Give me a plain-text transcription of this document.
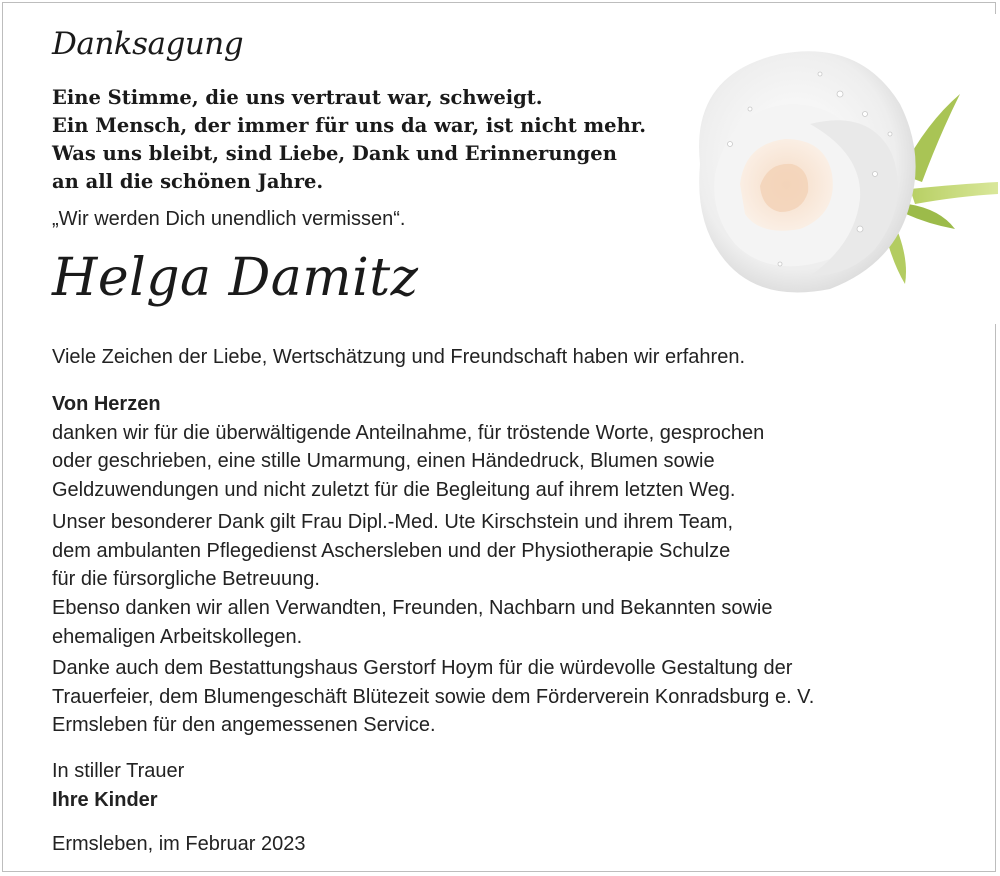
Danksagung
Eine Stimme, die uns vertraut war, schweigt.
Ein Mensch, der immer für uns da war, ist nicht mehr.
Was uns bleibt, sind Liebe, Dank und Erinnerungen
an all die schönen Jahre.
„Wir werden Dich unendlich vermissen“.
Helga Damitz
Viele Zeichen der Liebe, Wertschätzung und Freundschaft haben wir erfahren.
Von Herzen
danken wir für die überwältigende Anteilnahme, für tröstende Worte, gesprochen
oder geschrieben, eine stille Umarmung, einen Händedruck, Blumen sowie
Geldzuwendungen und nicht zuletzt für die Begleitung auf ihrem letzten Weg.
Unser besonderer Dank gilt Frau Dipl.-Med. Ute Kirschstein und ihrem Team,
dem ambulanten Pflegedienst Aschersleben und der Physiotherapie Schulze
für die fürsorgliche Betreuung.
Ebenso danken wir allen Verwandten, Freunden, Nachbarn und Bekannten sowie
ehemaligen Arbeitskollegen.
Danke auch dem Bestattungshaus Gerstorf Hoym für die würdevolle Gestaltung der
Trauerfeier, dem Blumengeschäft Blütezeit sowie dem Förderverein Konradsburg e. V.
Ermsleben für den angemessenen Service.
In stiller Trauer
Ihre Kinder
Ermsleben, im Februar 2023
